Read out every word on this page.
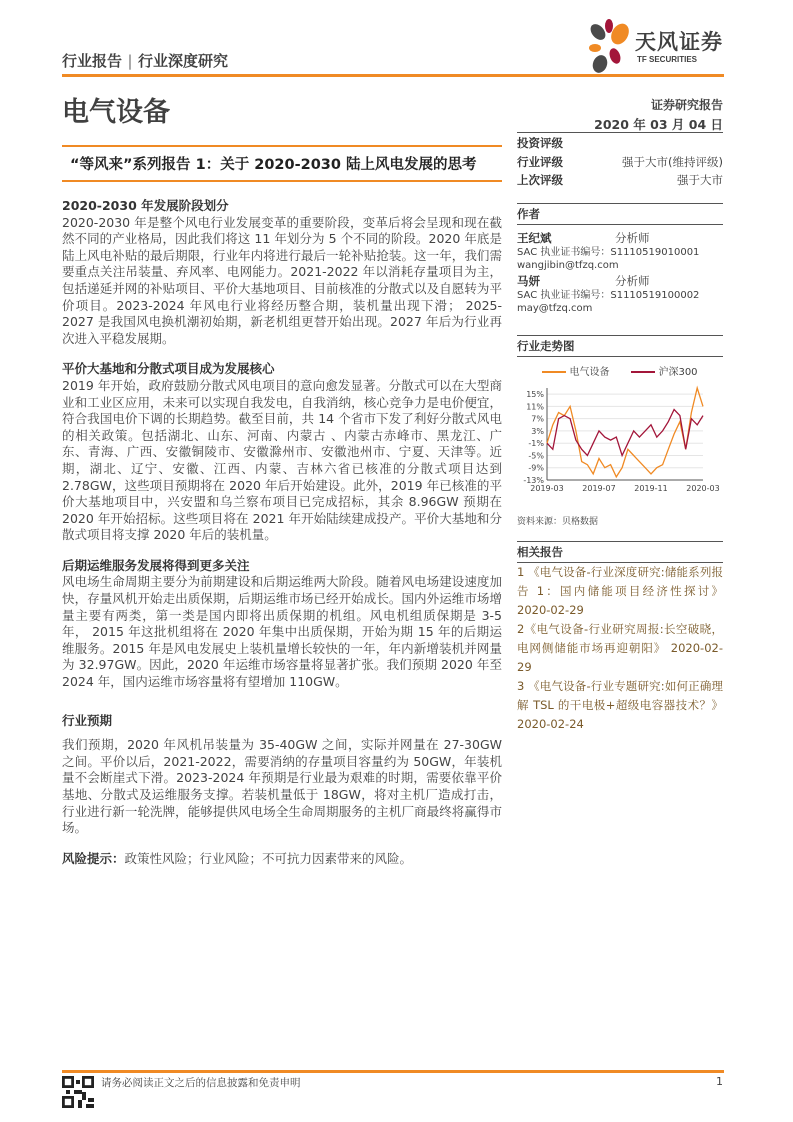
行业报告 | 行业深度研究
天风证券
TF SECURITIES
电气设备	证券研究报告
2020 年 03 月 04 日
“等风来”系列报告 1：关于 2020-2030 陆上风电发展的思考
2020-2030 年发展阶段划分
2020-2030 年是整个风电行业发展变革的重要阶段，变革后将会呈现和现在截然不同的产业格局，因此我们将这 11 年划分为 5 个不同的阶段。2020 年底是陆上风电补贴的最后期限，行业年内将进行最后一轮补贴抢装。这一年，我们需要重点关注吊装量、弃风率、电网能力。2021-2022 年以消耗存量项目为主，包括递延并网的补贴项目、平价大基地项目、目前核准的分散式以及自愿转为平价项目。2023-2024 年风电行业将经历整合期，装机量出现下滑； 2025-2027 是我国风电换机潮初始期，新老机组更替开始出现。2027 年后为行业再次进入平稳发展期。
平价大基地和分散式项目成为发展核心
2019 年开始，政府鼓励分散式风电项目的意向愈发显著。分散式可以在大型商业和工业区应用，未来可以实现自我发电，自我消纳，核心竞争力是电价便宜，符合我国电价下调的长期趋势。截至目前，共 14 个省市下发了利好分散式风电的相关政策。包括湖北、山东、河南、内蒙古 、内蒙古赤峰市、黑龙江、广东、青海、广西、安徽铜陵市、安徽滁州市、安徽池州市、宁夏、天津等。近期，湖北、辽宁、安徽、江西、内蒙、吉林六省已核准的分散式项目达到 2.78GW，这些项目预期将在 2020 年后开始建设。此外，2019 年已核准的平价大基地项目中，兴安盟和乌兰察布项目已完成招标，其余 8.96GW 预期在 2020 年开始招标。这些项目将在 2021 年开始陆续建成投产。平价大基地和分散式项目将支撑 2020 年后的装机量。
后期运维服务发展将得到更多关注
风电场生命周期主要分为前期建设和后期运维两大阶段。随着风电场建设速度加快，存量风机开始走出质保期，后期运维市场已经开始成长。国内外运维市场增量主要有两类，第一类是国内即将出质保期的机组。风电机组质保期是 3-5 年， 2015 年这批机组将在 2020 年集中出质保期，开始为期 15 年的后期运维服务。2015 年是风电发展史上装机量增长较快的一年，年内新增装机并网量为 32.97GW。因此，2020 年运维市场容量将显著扩张。我们预期 2020 年至 2024 年，国内运维市场容量将有望增加 110GW。
行业预期
我们预期，2020 年风机吊装量为 35-40GW 之间，实际并网量在 27-30GW 之间。平价以后，2021-2022，需要消纳的存量项目容量约为 50GW，年装机量不会断崖式下滑。2023-2024 年预期是行业最为艰难的时期，需要依靠平价基地、分散式及运维服务支撑。若装机量低于 18GW，将对主机厂造成打击，行业进行新一轮洗牌，能够提供风电场全生命周期服务的主机厂商最终将赢得市场。
风险提示：政策性风险；行业风险；不可抗力因素带来的风险。
投资评级
行业评级	强于大市(维持评级)
上次评级	强于大市
作者
王纪斌	分析师
SAC 执业证书编号：S1110519010001
wangjibin@tfzq.com
马妍	分析师
SAC 执业证书编号：S1110519100002
may@tfzq.com
行业走势图
电气设备	沪深300
15%
11%
7%
3%
-1%
-5%
-9%
-13%
2019-03 2019-07 2019-11 2020-03
资料来源：贝格数据
相关报告
1 《电气设备-行业深度研究:储能系列报告 1：国内储能项目经济性探讨》 2020-02-29
2《电气设备-行业研究周报:长空破晓，电网侧储能市场再迎朝阳》 2020-02-29
3 《电气设备-行业专题研究:如何正确理解 TSL 的干电极+超级电容器技术？》 2020-02-24
请务必阅读正文之后的信息披露和免责申明	1
